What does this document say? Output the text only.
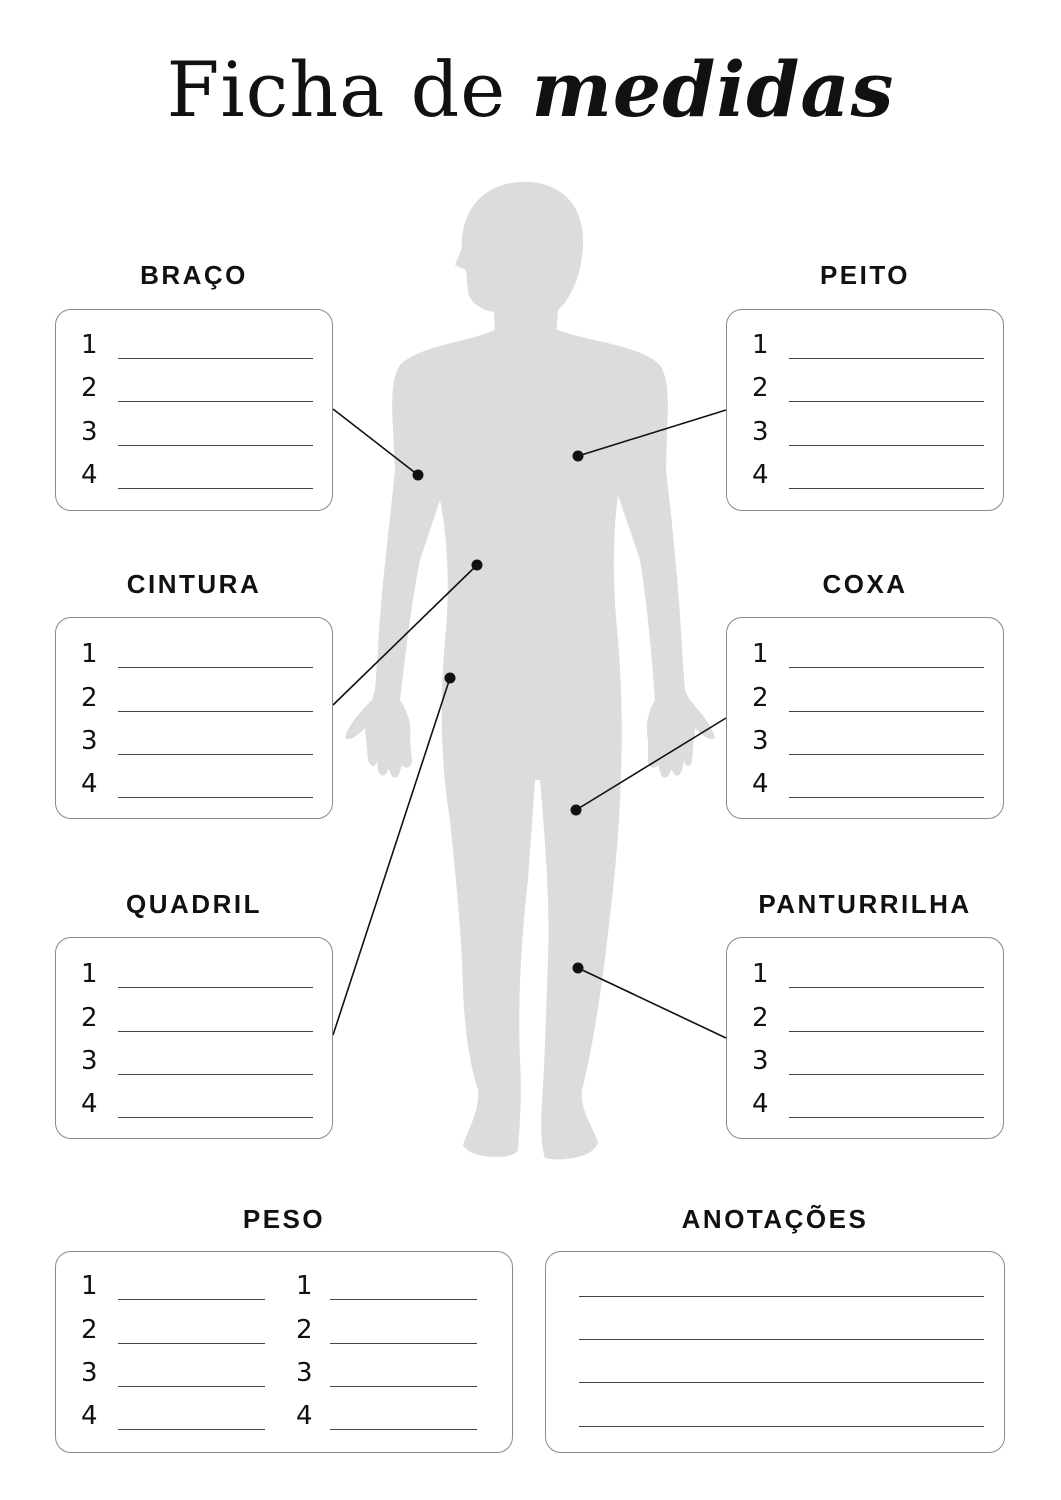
Ficha de medidas
BRAÇO	PEITO
CINTURA	COXA
QUADRIL	PANTURRILHA
PESO	ANOTAÇÕES
1
2
3
4
1
2
3
4
1
2
3
4
1
2
3
4
1
2
3
4
1
2
3
4
1
2
3
4
1
2
3
4
